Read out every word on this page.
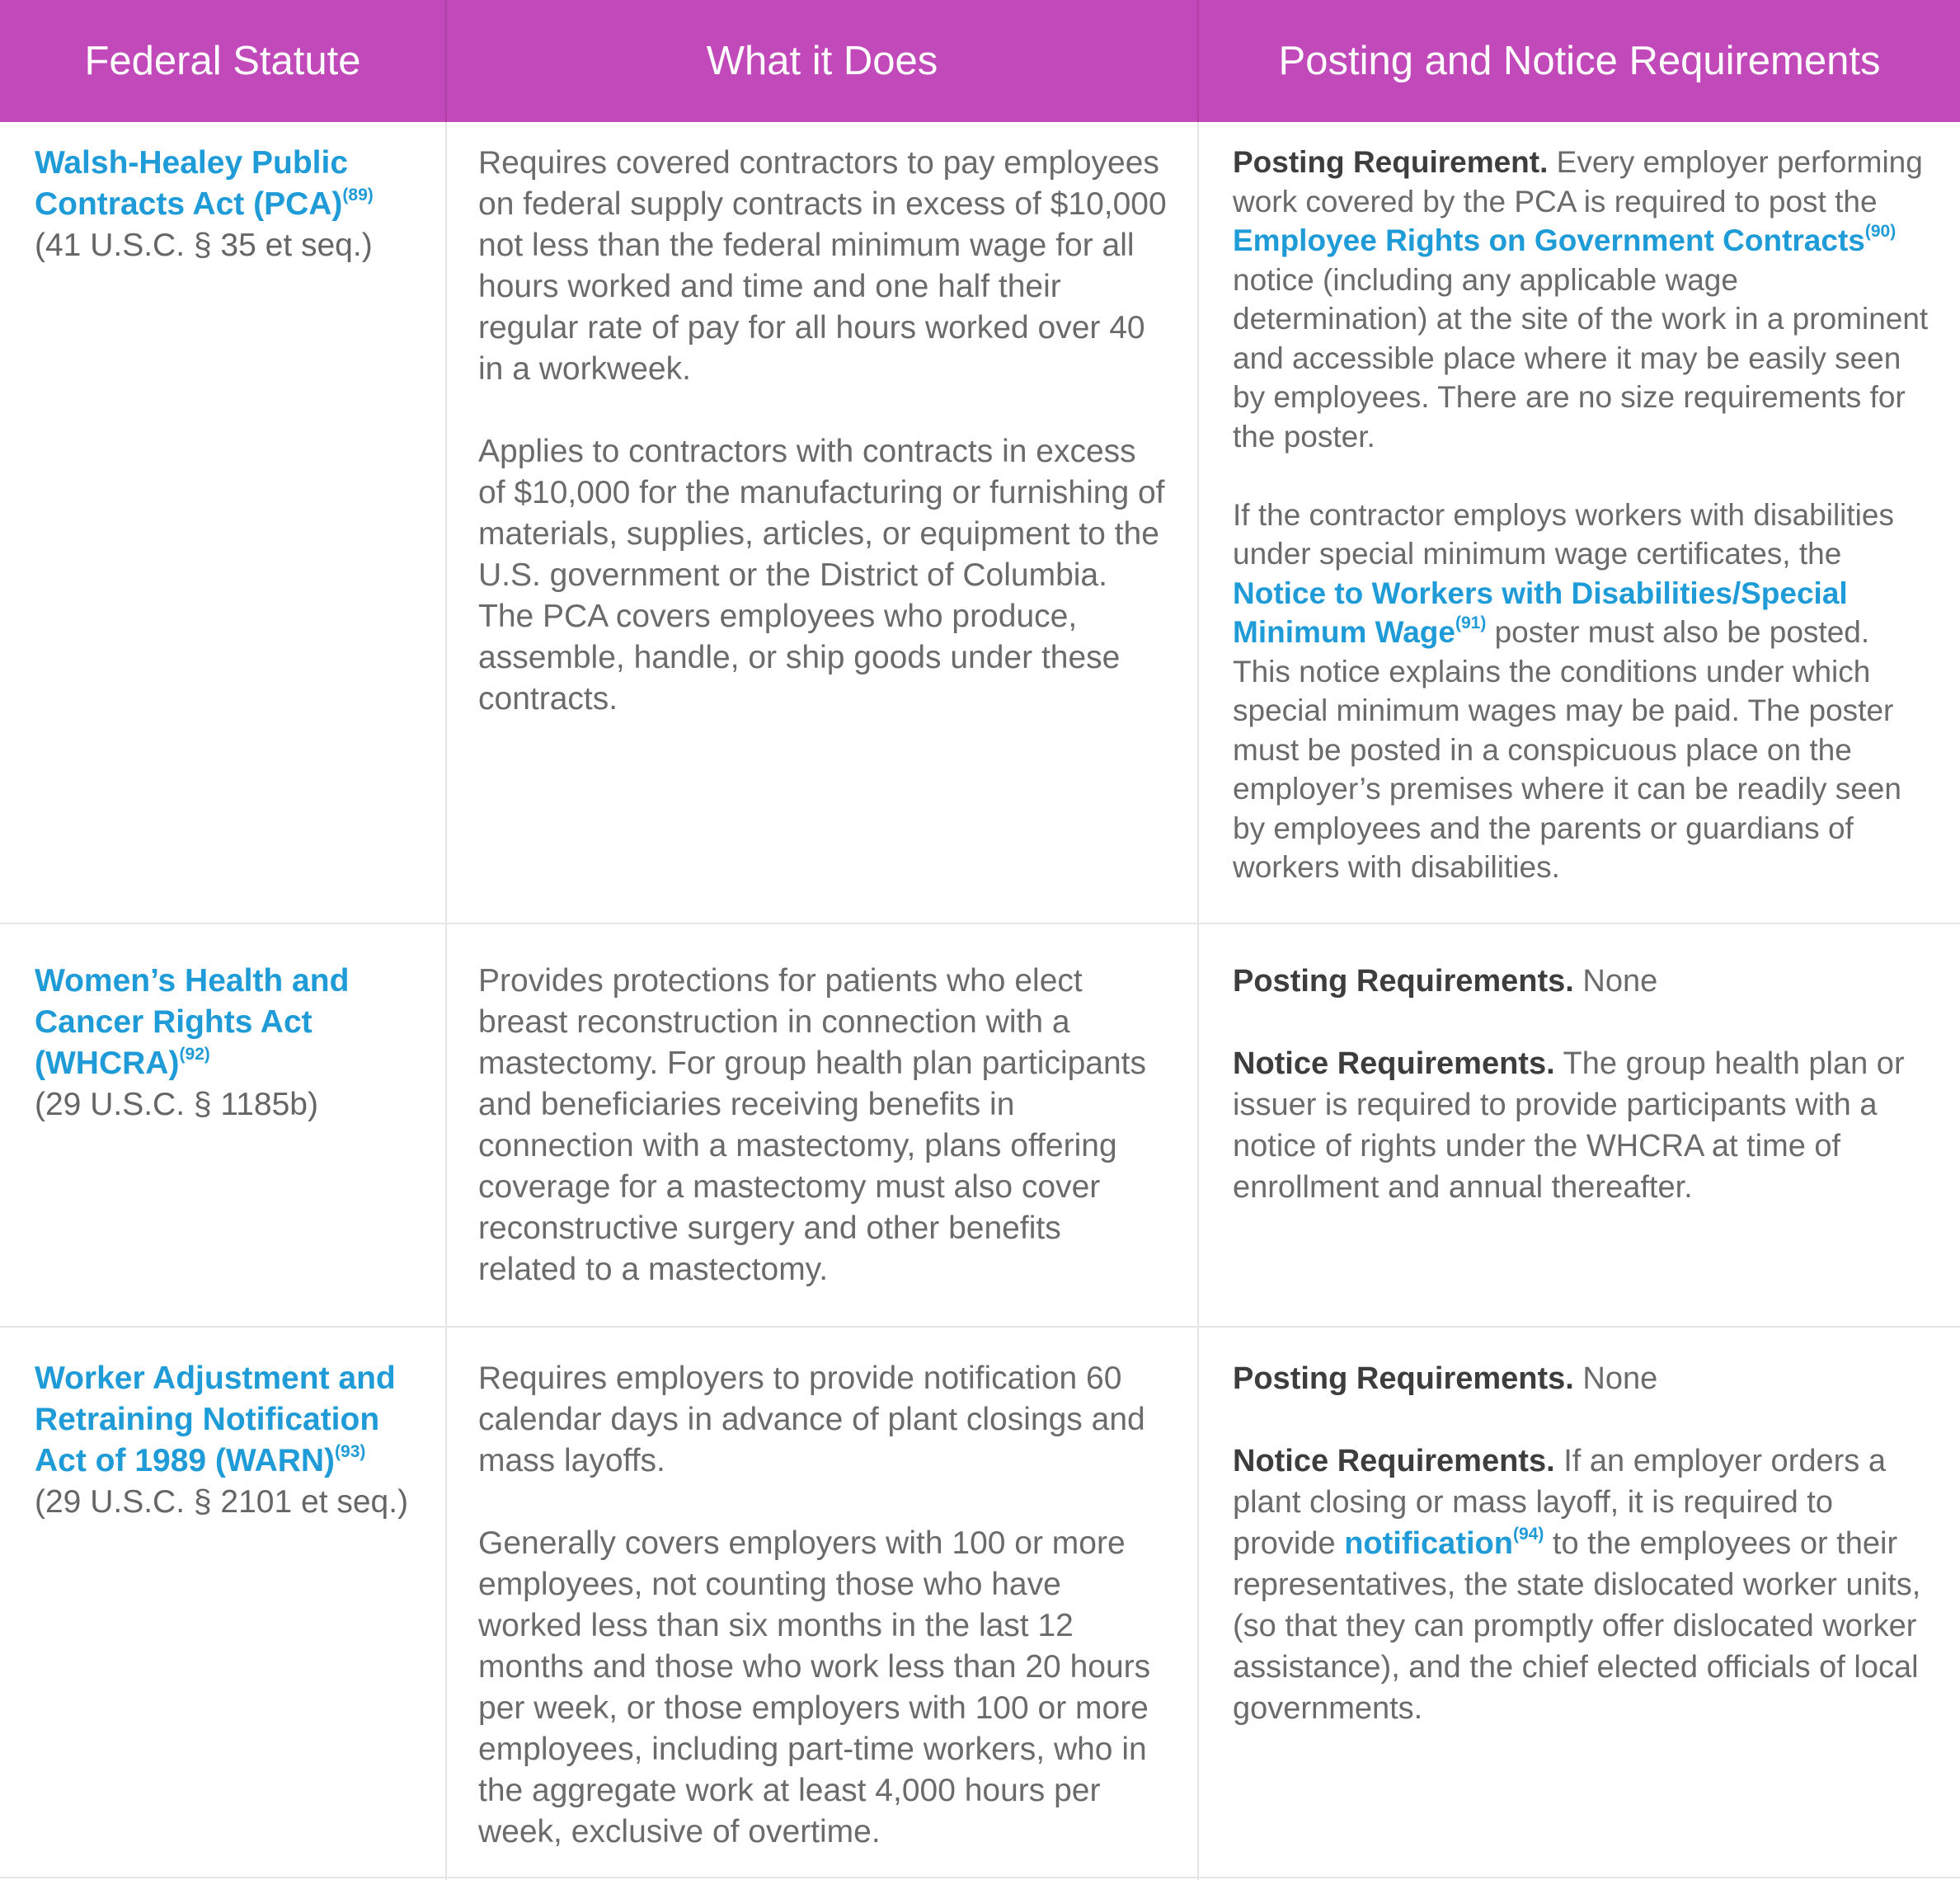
Federal Statute	What it Does	Posting and Notice Requirements
Walsh-Healey Public Contracts Act (PCA)$^{(89)}$
(41 U.S.C. § 35 et seq.)

Requires covered contractors to pay employees on federal supply contracts in excess of $10,000 not less than the federal minimum wage for all hours worked and time and one half their regular rate of pay for all hours worked over 40 in a workweek.

Applies to contractors with contracts in excess of $10,000 for the manufacturing or furnishing of materials, supplies, articles, or equipment to the U.S. government or the District of Columbia. The PCA covers employees who produce, assemble, handle, or ship goods under these contracts.

Posting Requirement. Every employer performing work covered by the PCA is required to post the Employee Rights on Government Contracts$^{(90)}$ notice (including any applicable wage determination) at the site of the work in a prominent and accessible place where it may be easily seen by employees. There are no size requirements for the poster.

If the contractor employs workers with disabilities under special minimum wage certificates, the Notice to Workers with Disabilities/Special Minimum Wage$^{(91)}$ poster must also be posted. This notice explains the conditions under which special minimum wages may be paid. The poster must be posted in a conspicuous place on the employer’s premises where it can be readily seen by employees and the parents or guardians of workers with disabilities.

Women’s Health and Cancer Rights Act (WHCRA)$^{(92)}$
(29 U.S.C. § 1185b)

Provides protections for patients who elect breast reconstruction in connection with a mastectomy. For group health plan participants and beneficiaries receiving benefits in connection with a mastectomy, plans offering coverage for a mastectomy must also cover reconstructive surgery and other benefits related to a mastectomy.

Posting Requirements. None

Notice Requirements. The group health plan or issuer is required to provide participants with a notice of rights under the WHCRA at time of enrollment and annual thereafter.

Worker Adjustment and Retraining Notification Act of 1989 (WARN)$^{(93)}$
(29 U.S.C. § 2101 et seq.)

Requires employers to provide notification 60 calendar days in advance of plant closings and mass layoffs.

Generally covers employers with 100 or more employees, not counting those who have worked less than six months in the last 12 months and those who work less than 20 hours per week, or those employers with 100 or more employees, including part-time workers, who in the aggregate work at least 4,000 hours per week, exclusive of overtime.

Posting Requirements. None

Notice Requirements. If an employer orders a plant closing or mass layoff, it is required to provide notification$^{(94)}$ to the employees or their representatives, the state dislocated worker units, (so that they can promptly offer dislocated worker assistance), and the chief elected officials of local governments.
